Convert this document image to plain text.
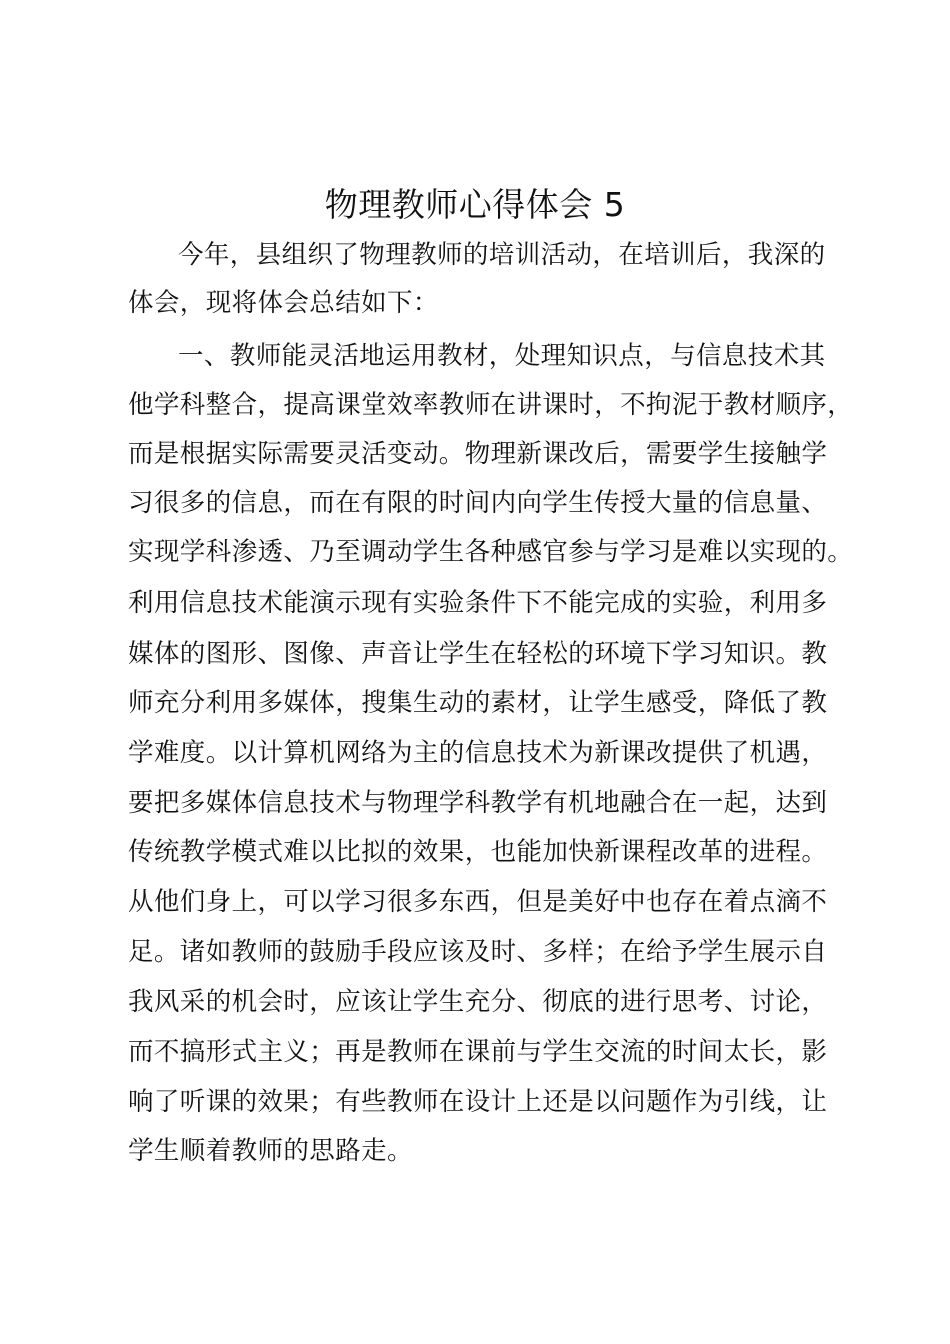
物理教师心得体会 5

今年，县组织了物理教师的培训活动，在培训后，我深的

体会，现将体会总结如下：

一、教师能灵活地运用教材，处理知识点，与信息技术其

他学科整合，提高课堂效率教师在讲课时，不拘泥于教材顺序，

而是根据实际需要灵活变动。物理新课改后，需要学生接触学

习很多的信息，而在有限的时间内向学生传授大量的信息量、

实现学科渗透、乃至调动学生各种感官参与学习是难以实现的。

利用信息技术能演示现有实验条件下不能完成的实验，利用多

媒体的图形、图像、声音让学生在轻松的环境下学习知识。教

师充分利用多媒体，搜集生动的素材，让学生感受，降低了教

学难度。以计算机网络为主的信息技术为新课改提供了机遇，

要把多媒体信息技术与物理学科教学有机地融合在一起，达到

传统教学模式难以比拟的效果，也能加快新课程改革的进程。

从他们身上，可以学习很多东西，但是美好中也存在着点滴不

足。诸如教师的鼓励手段应该及时、多样；在给予学生展示自

我风采的机会时，应该让学生充分、彻底的进行思考、讨论，

而不搞形式主义；再是教师在课前与学生交流的时间太长，影

响了听课的效果；有些教师在设计上还是以问题作为引线，让

学生顺着教师的思路走。
